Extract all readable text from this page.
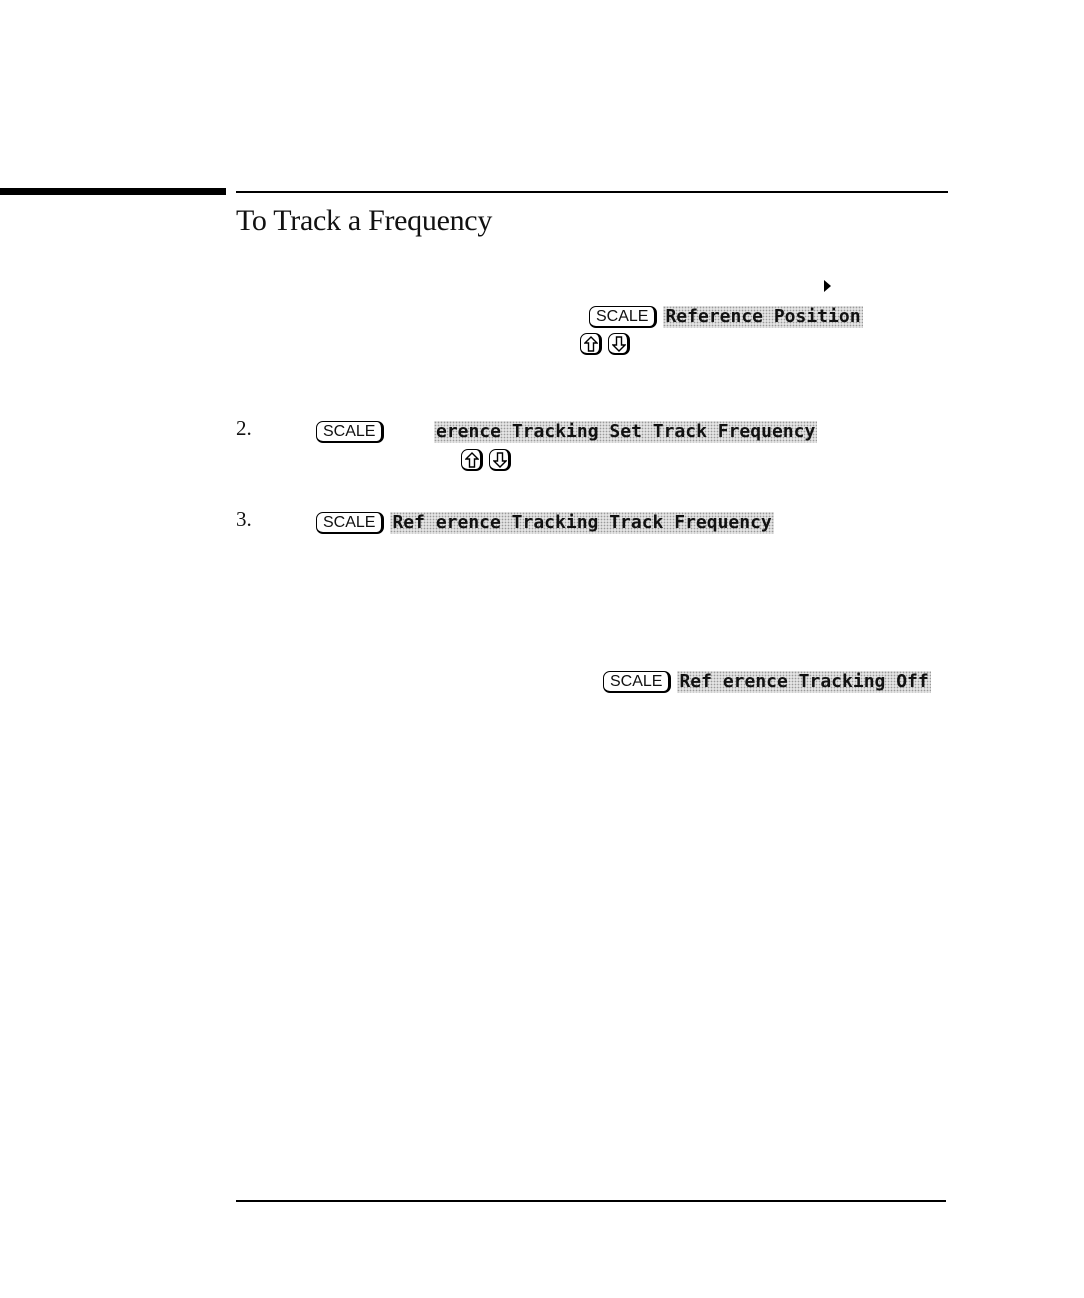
To Track a Frequency
SCALE Reference Position
2.	SCALE	erence Tracking Set Track Frequency
3.	SCALE Ref erence Tracking Track Frequency
SCALE Ref erence Tracking Off
